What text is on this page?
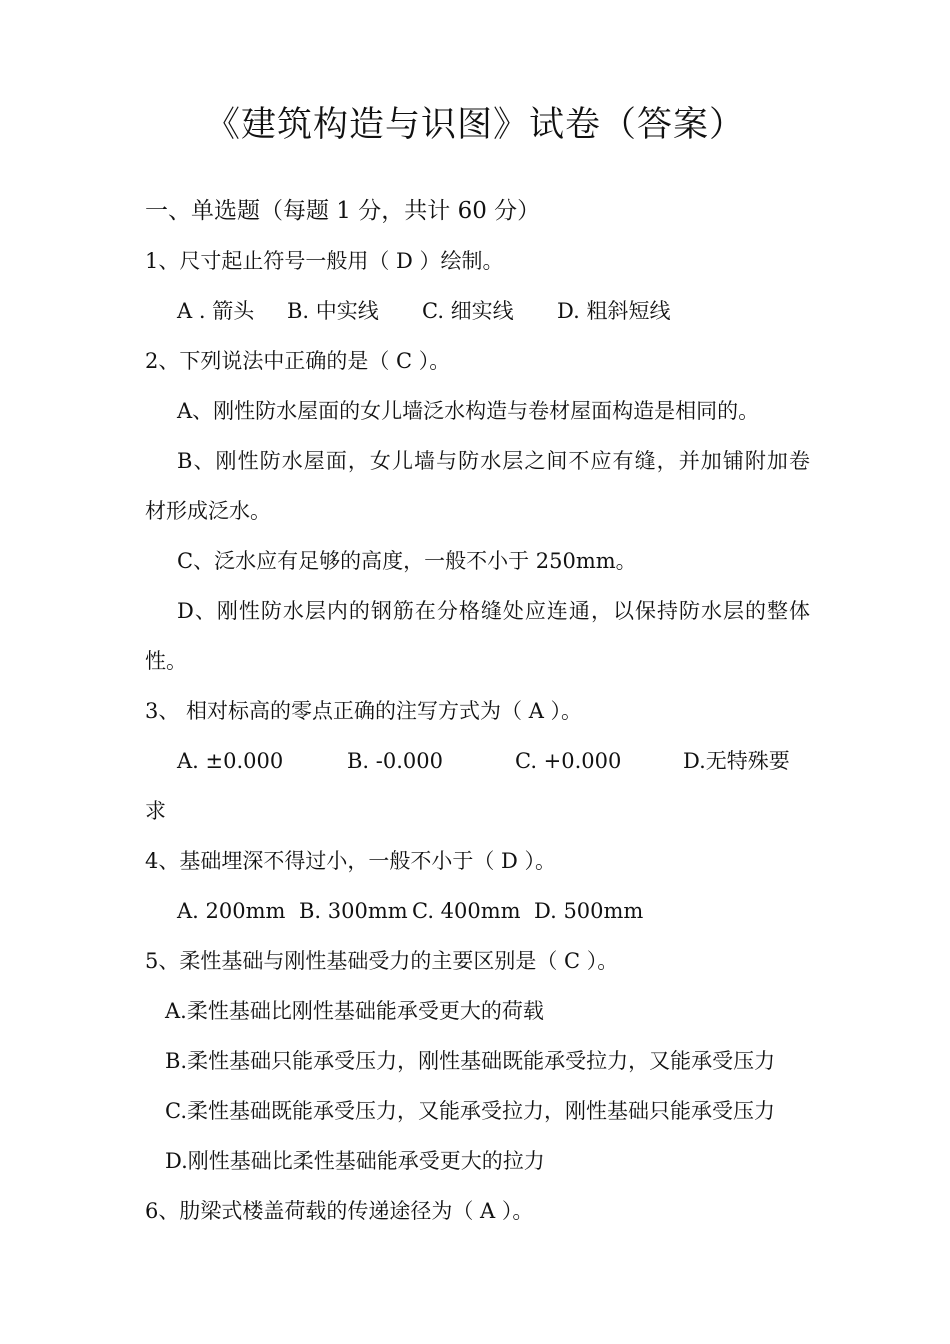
《建筑构造与识图》试卷（答案）
一、单选题（每题 1 分，共计 60 分）
1、尺寸起止符号一般用（ D ）绘制。
A . 箭头	B. 中实线	C. 细实线	D. 粗斜短线
2、下列说法中正确的是（ C ）。
A、刚性防水屋面的女儿墙泛水构造与卷材屋面构造是相同的。
B、刚性防水屋面，女儿墙与防水层之间不应有缝，并加铺附加卷
材形成泛水。
C、泛水应有足够的高度，一般不小于 250mm。
D、刚性防水层内的钢筋在分格缝处应连通，以保持防水层的整体
性。
3、 相对标高的零点正确的注写方式为（ A ）。
A. ±0.000	B. -0.000	C. +0.000	D.无特殊要
求
4、基础埋深不得过小，一般不小于（ D ）。
A. 200mm B. 300mm C. 400mm D. 500mm
5、柔性基础与刚性基础受力的主要区别是（ C ）。
A.柔性基础比刚性基础能承受更大的荷载
B.柔性基础只能承受压力，刚性基础既能承受拉力，又能承受压力
C.柔性基础既能承受压力，又能承受拉力，刚性基础只能承受压力
D.刚性基础比柔性基础能承受更大的拉力
6、肋梁式楼盖荷载的传递途径为（ A ）。
